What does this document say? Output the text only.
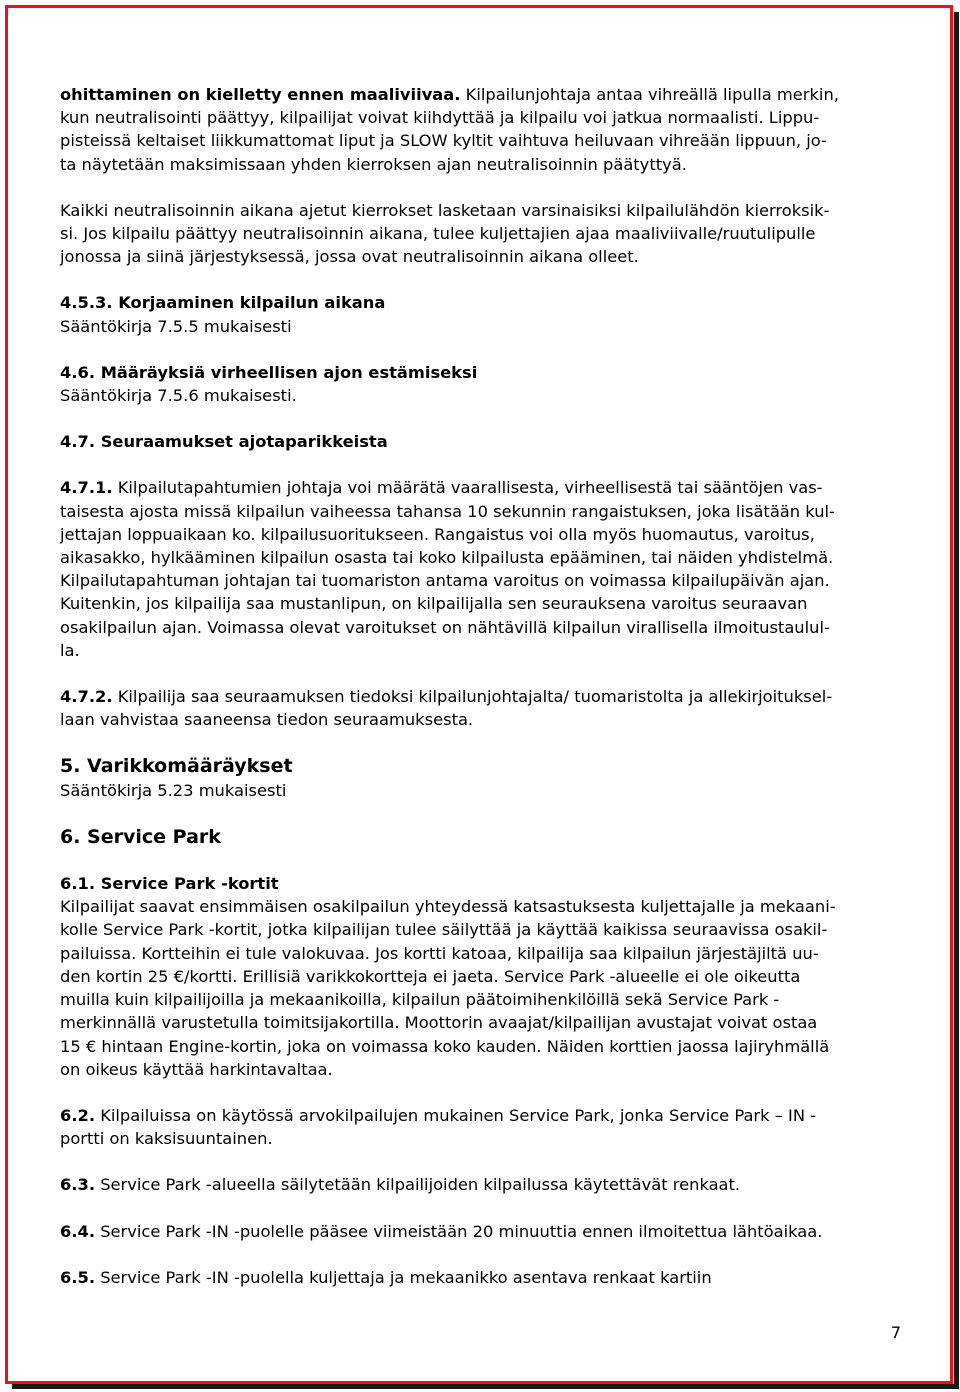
ohittaminen on kielletty ennen maaliviivaa. Kilpailunjohtaja antaa vihreällä lipulla merkin,
kun neutralisointi päättyy, kilpailijat voivat kiihdyttää ja kilpailu voi jatkua normaalisti. Lippu-
pisteissä keltaiset liikkumattomat liput ja SLOW kyltit vaihtuva heiluvaan vihreään lippuun, jo-
ta näytetään maksimissaan yhden kierroksen ajan neutralisoinnin päätyttyä.

Kaikki neutralisoinnin aikana ajetut kierrokset lasketaan varsinaisiksi kilpailulähdön kierroksik-
si. Jos kilpailu päättyy neutralisoinnin aikana, tulee kuljettajien ajaa maaliviivalle/ruutulipulle
jonossa ja siinä järjestyksessä, jossa ovat neutralisoinnin aikana olleet.

4.5.3. Korjaaminen kilpailun aikana
Sääntökirja 7.5.5 mukaisesti

4.6. Määräyksiä virheellisen ajon estämiseksi
Sääntökirja 7.5.6 mukaisesti.

4.7. Seuraamukset ajotaparikkeista

4.7.1. Kilpailutapahtumien johtaja voi määrätä vaarallisesta, virheellisestä tai sääntöjen vas-
taisesta ajosta missä kilpailun vaiheessa tahansa 10 sekunnin rangaistuksen, joka lisätään kul-
jettajan loppuaikaan ko. kilpailusuoritukseen. Rangaistus voi olla myös huomautus, varoitus,
aikasakko, hylkääminen kilpailun osasta tai koko kilpailusta epääminen, tai näiden yhdistelmä.
Kilpailutapahtuman johtajan tai tuomariston antama varoitus on voimassa kilpailupäivän ajan.
Kuitenkin, jos kilpailija saa mustanlipun, on kilpailijalla sen seurauksena varoitus seuraavan
osakilpailun ajan. Voimassa olevat varoitukset on nähtävillä kilpailun virallisella ilmoitustaulul-
la.

4.7.2. Kilpailija saa seuraamuksen tiedoksi kilpailunjohtajalta/ tuomaristolta ja allekirjoituksel-
laan vahvistaa saaneensa tiedon seuraamuksesta.

5. Varikkomääräykset
Sääntökirja 5.23 mukaisesti

6. Service Park

6.1. Service Park -kortit
Kilpailijat saavat ensimmäisen osakilpailun yhteydessä katsastuksesta kuljettajalle ja mekaani-
kolle Service Park -kortit, jotka kilpailijan tulee säilyttää ja käyttää kaikissa seuraavissa osakil-
pailuissa. Kortteihin ei tule valokuvaa. Jos kortti katoaa, kilpailija saa kilpailun järjestäjiltä uu-
den kortin 25 €/kortti. Erillisiä varikkokortteja ei jaeta. Service Park -alueelle ei ole oikeutta
muilla kuin kilpailijoilla ja mekaanikoilla, kilpailun päätoimihenkilöillä sekä Service Park -
merkinnällä varustetulla toimitsijakortilla. Moottorin avaajat/kilpailijan avustajat voivat ostaa
15 € hintaan Engine-kortin, joka on voimassa koko kauden. Näiden korttien jaossa lajiryhmällä
on oikeus käyttää harkintavaltaa.

6.2. Kilpailuissa on käytössä arvokilpailujen mukainen Service Park, jonka Service Park – IN -
portti on kaksisuuntainen.

6.3. Service Park -alueella säilytetään kilpailijoiden kilpailussa käytettävät renkaat.

6.4. Service Park -IN -puolelle pääsee viimeistään 20 minuuttia ennen ilmoitettua lähtöaikaa.

6.5. Service Park -IN -puolella kuljettaja ja mekaanikko asentava renkaat kartiin

7
